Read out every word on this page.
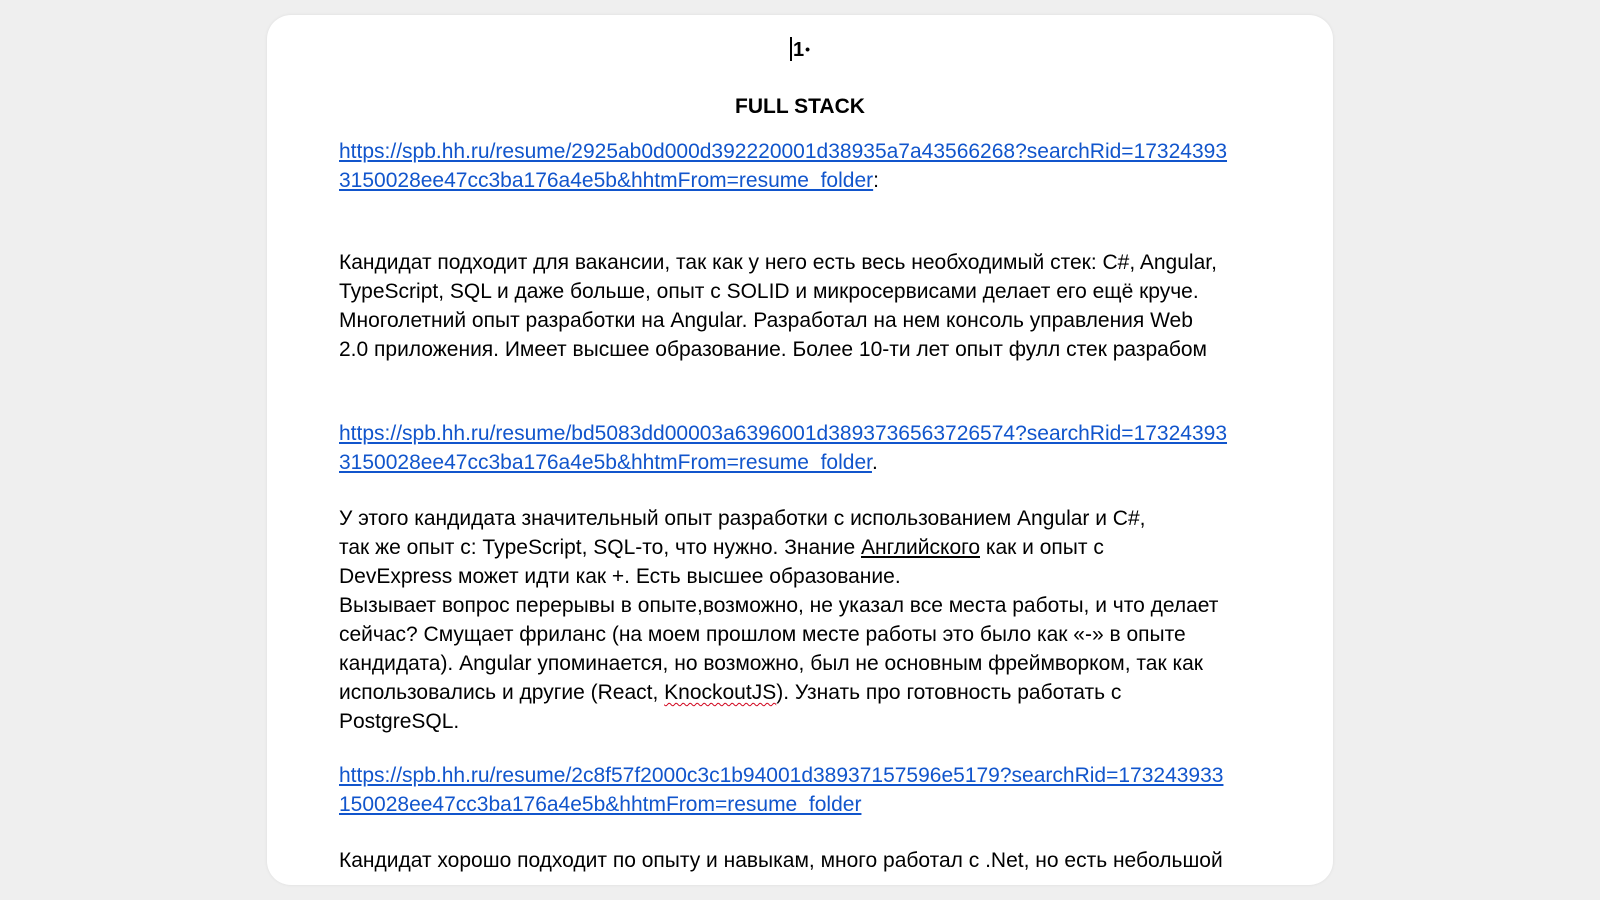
1•
FULL STACK
https://spb.hh.ru/resume/2925ab0d000d392220001d38935a7a43566268?searchRid=17324393
3150028ee47cc3ba176a4e5b&hhtmFrom=resume_folder:
Кандидат подходит для вакансии, так как у него есть весь необходимый стек: C#, Angular,
TypeScript, SQL и даже больше, опыт с SOLID и микросервисами делает его ещё круче.
Многолетний опыт разработки на Angular. Разработал на нем консоль управления Web
2.0 приложения. Имеет высшее образование. Более 10-ти лет опыт фулл стек разрабом
https://spb.hh.ru/resume/bd5083dd00003a6396001d3893736563726574?searchRid=17324393
3150028ee47cc3ba176a4e5b&hhtmFrom=resume_folder.
У этого кандидата значительный опыт разработки с использованием Angular и C#,
так же опыт с: TypeScript, SQL-то, что нужно. Знание Английского как и опыт с
DevExpress может идти как +. Есть высшее образование.
Вызывает вопрос перерывы в опыте,возможно, не указал все места работы, и что делает
сейчас? Смущает фриланс (на моем прошлом месте работы это было как «-» в опыте
кандидата). Angular упоминается, но возможно, был не основным фреймворком, так как
использовались и другие (React, KnockoutJS). Узнать про готовность работать с
PostgreSQL.
https://spb.hh.ru/resume/2c8f57f2000c3c1b94001d38937157596e5179?searchRid=173243933
150028ee47cc3ba176a4e5b&hhtmFrom=resume_folder
Кандидат хорошо подходит по опыту и навыкам, много работал с .Net, но есть небольшой
